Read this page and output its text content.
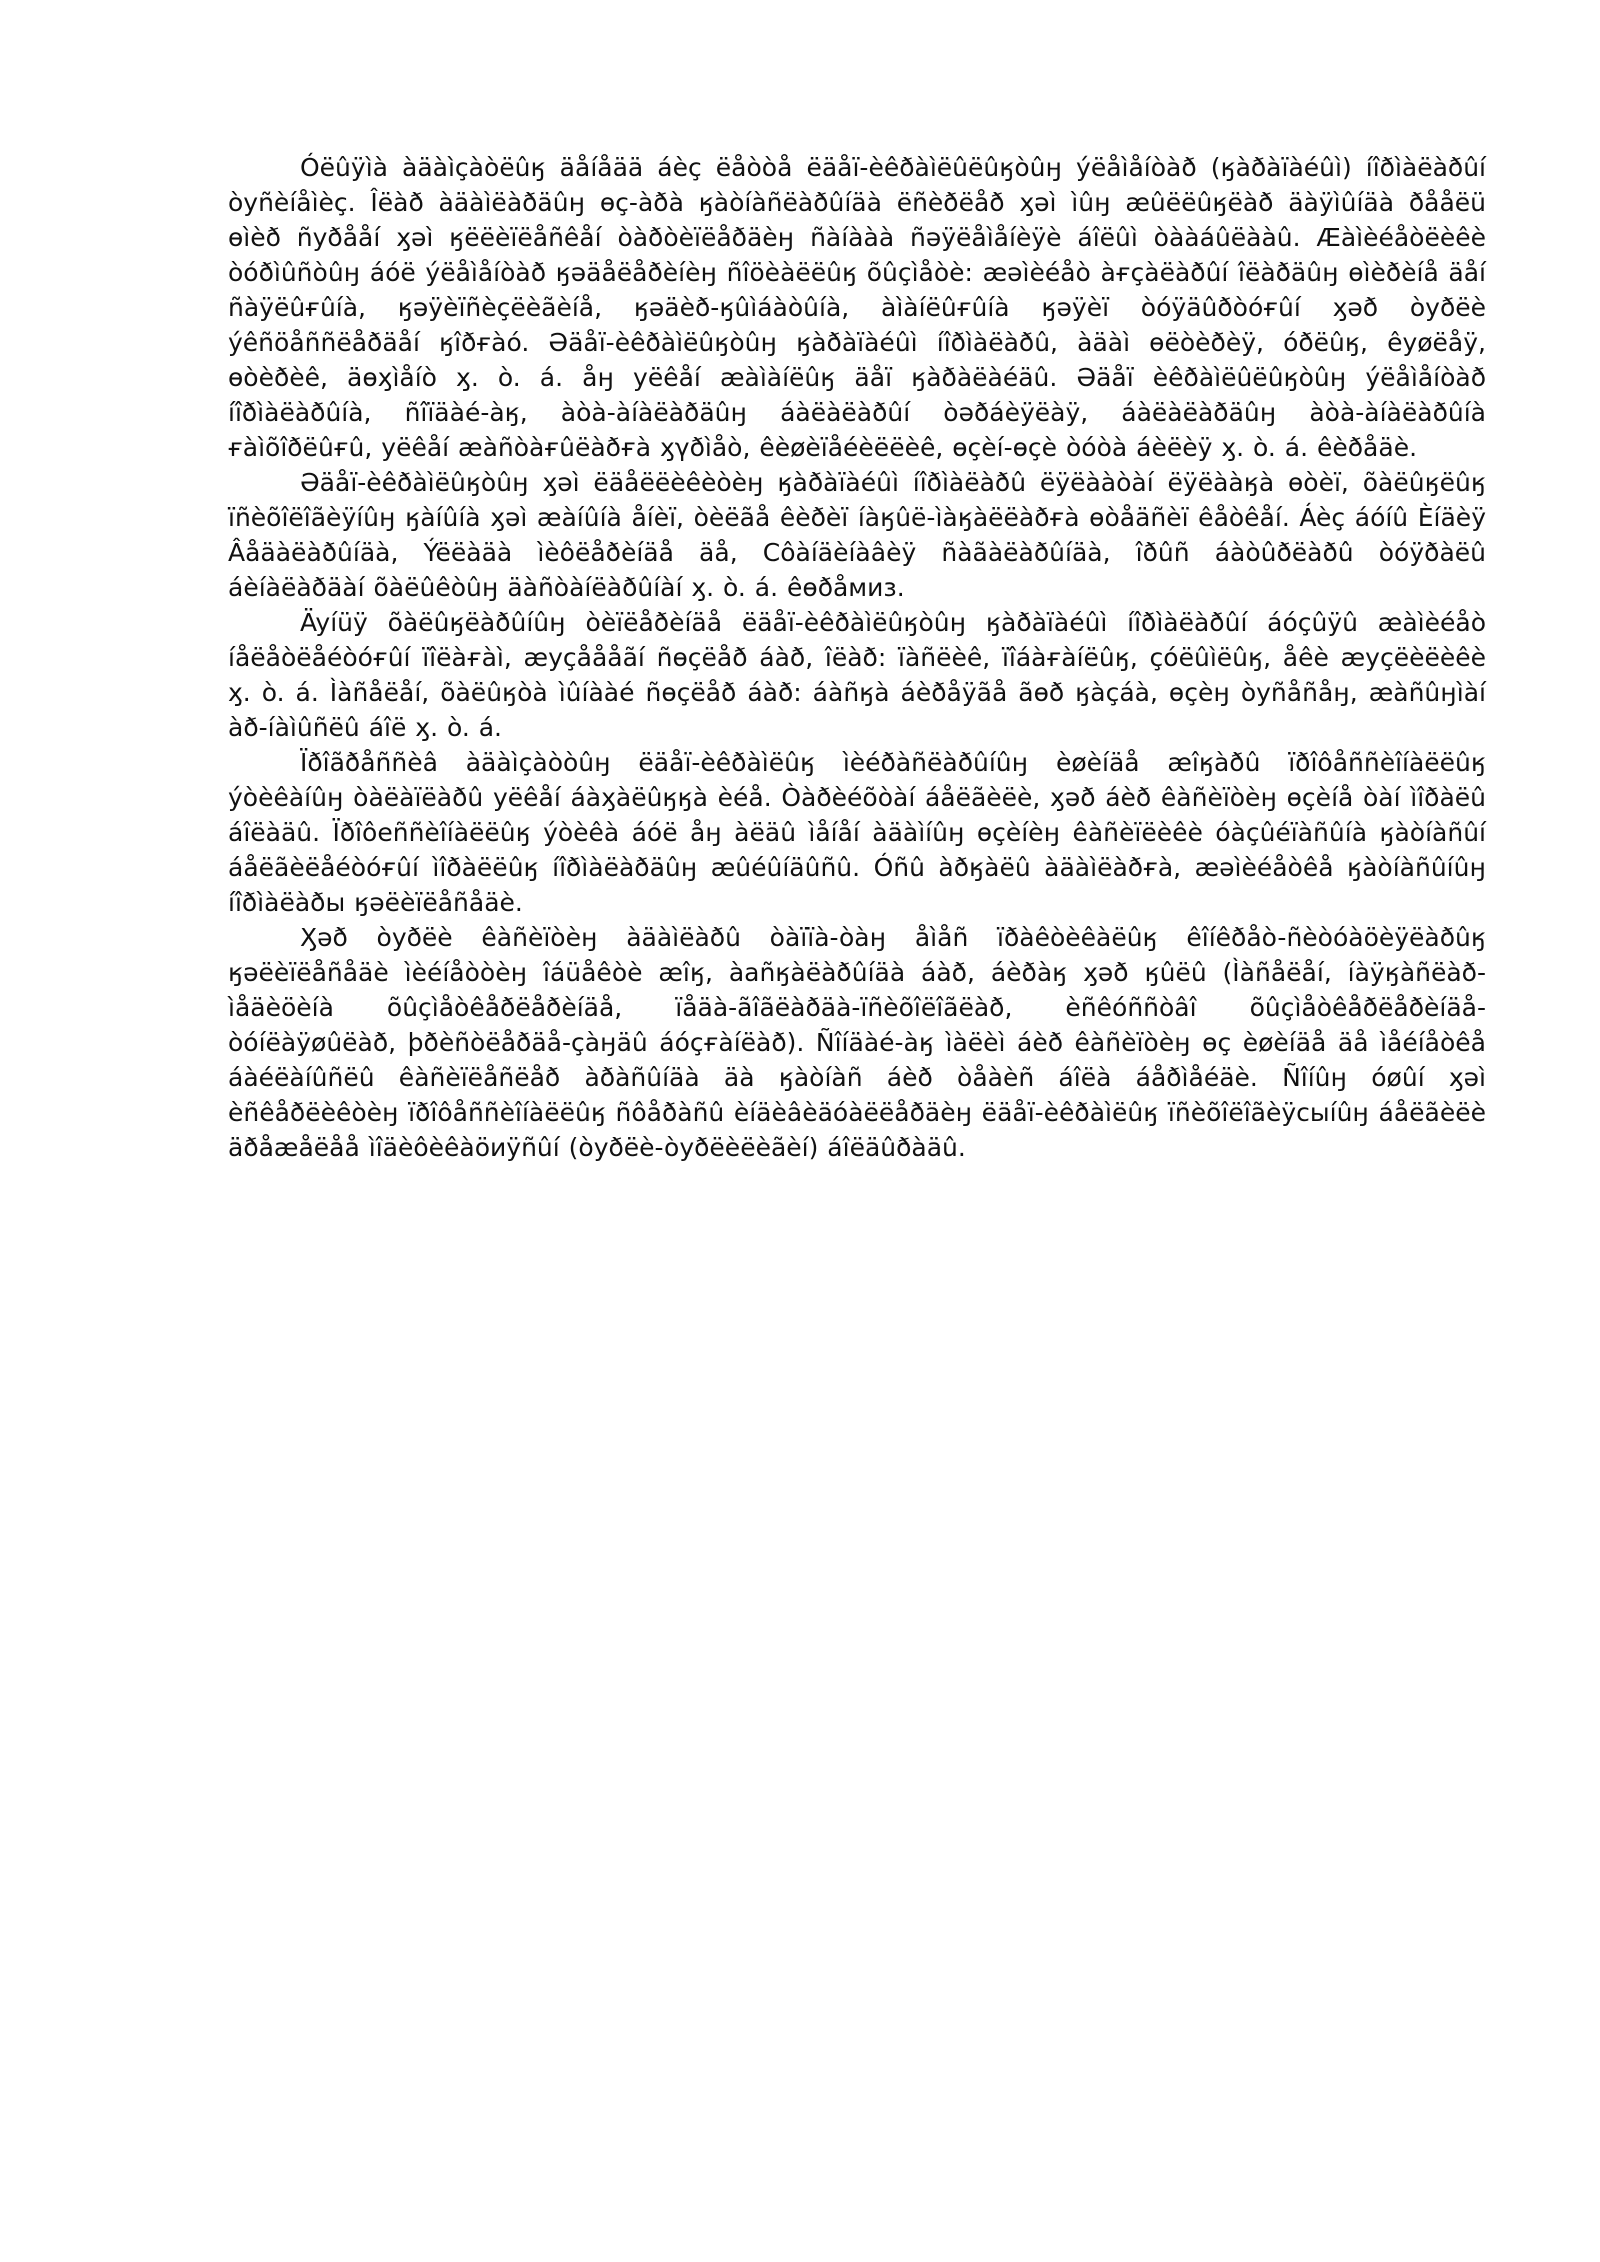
Óëûÿìà àäàìçàòëûӄ äåíåää áèç ëåòòå ëäåï-èêðàìëûëûӄòûӈ ýëåìåíòàð (ӄàðàïàéûì) íîðìàëàðûí òyñèíåìèç. Îëàð àäàìëàðäûӈ ѳç-àðà ӄàòíàñëàðûíäà ëñèðëåð ӽəì ìûӈ æûëëûӄëàð äàÿìûíäà ðååëü ѳìèð ñyðååí ӽəì ӄëëèïëåñêåí òàðòèïëåðäèӈ ñàíààà ñəÿëåìåíèÿè áîëûì òààáûëààû. Æàìèéåòëèêè òóðìûñòûӈ áóë ýëåìåíòàð ӄəäåëåðèíèӈ ñîöèàëëûӄ õûçìåòè: æəìèéåò àғçàëàðûí îëàðäûӈ ѳìèðèíå äåí ñàÿëûғûíà, ӄəÿèïñèçëèãèíå, ӄəäèð-ӄûìáàòûíà, àìàíëûғûíà ӄəÿèï òóÿäûðòóғûí ӽəð òyðëè ýêñöåññëåðäåí ӄîðғàó. Əäåï-èêðàìëûӄòûӈ ӄàðàïàéûì íîðìàëàðû, àäàì ѳëòèðèÿ, óðëûӄ, êyøëåÿ, ѳòèðèê, äѳӽìåíò ӽ. ò. á. åӈ yëêåí æàìàíëûӄ äåï ӄàðàëàéäû. Əäåï èêðàìëûëûӄòûӈ ýëåìåíòàð íîðìàëàðûíà, ñîïäàé-àӄ, àòà-àíàëàðäûӈ áàëàëàðûí òəðáèÿëàÿ, áàëàëàðäûӈ àòà-àíàëàðûíà ғàìõîðëûғû, yëêåí æàñòàғûëàðғà ӽγðìåò, êèøèïåéèëëèê, ѳçèí-ѳçè òóòà áèëèÿ ӽ. ò. á. êèðåäè.

Əäåï-èêðàìëûӄòûӈ ӽəì ëäåëëèêèòèӈ ӄàðàïàéûì íîðìàëàðû ëÿëààòàí ëÿëààӄà ѳòèï, õàëûӄëûӄ ïñèõîëîãèÿíûӈ ӄàíûíà ӽəì æàíûíà åíèï, òèëãå êèðèï íàӄûë-ìàӄàëëàðғà ѳòåäñèï êåòêåí. Áèç áóíû Èíäèÿ Âåäàëàðûíäà, Ýëëàäà ìèôëåðèíäå äå, Côàíäèíàâèÿ ñàãàëàðûíäà, îðûñ áàòûðëàðû òóÿðàëû áèíàëàðäàí õàëûêòûӈ äàñòàíëàðûíàí ӽ. ò. á. êѳðåмиз.

Äyíüÿ õàëûӄëàðûíûӈ òèïëåðèíäå ëäåï-èêðàìëûӄòûӈ ӄàðàïàéûì íîðìàëàðûí áóçûÿû æàìèéåò íåëåòëåéòóғûí ïîëàғàì, æyçåååãí ñѳçëåð áàð, îëàð: ïàñëèê, ïîáàғàíëûӄ, çóëûìëûӄ, åêè æyçëèëèêè ӽ. ò. á. Ìàñåëåí, õàëûӄòà ìûíààé ñѳçëåð áàð: áàñӄà áèðåÿãå ãѳð ӄàçáà, ѳçèӈ òyñåñåӈ, æàñûӈìàí àð-íàìûñëû áîë ӽ. ò. á.

Ïðîãðåññèâ àäàìçàòòûӈ ëäåï-èêðàìëûӄ ìèéðàñëàðûíûӈ èøèíäå æîӄàðû ïðîôåññèîíàëëûӄ ýòèêàíûӈ òàëàïëàðû yëêåí áàӽàëûӄӄà èéå. Òàðèéõòàí áåëãèëè, ӽəð áèð êàñèïòèӈ ѳçèíå òàí ìîðàëû áîëàäû. Ïðîôеññèîíàëëûӄ ýòèêà áóë åӈ àëäû ìåíåí àäàìíûӈ ѳçèíèӈ êàñèïëèêè óàçûéïàñûíà ӄàòíàñûí áåëãèëåéòóғûí ìîðàëëûӄ íîðìàëàðäûӈ æûéûíäûñû. Óñû àðӄàëû àäàìëàðғà, æəìèéåòêå ӄàòíàñûíûӈ íîðìàëàðы ӄəëèïëåñåäè.

Ӽəð òyðëè êàñèïòèӈ àäàìëàðû òàïïà-òàӈ åìåñ ïðàêòèêàëûӄ êîíêðåò-ñèòóàöèÿëàðûӄ ӄəëèïëåñåäè ìèéíåòòèӈ îáüåêòè æîӄ, àañӄàëàðûíäà áàð, áèðàӄ ӽəð ӄûëû (Ìàñåëåí, íàÿӄàñëàð-ìåäèöèíà õûçìåòêåðëåðèíäå, ïåäà-ãîãëàðäà-ïñèõîëîãëàð, èñêóññòâî õûçìåòêåðëåðèíäå- òóíëàÿøûëàð, þðèñòëåðäå-çàӈäû áóçғàíëàð). Ñîíäàé-àӄ ìàëèì áèð êàñèïòèӈ ѳç èøèíäå äå ìåéíåòêå áàéëàíûñëû êàñèïëåñëåð àðàñûíäà äà ӄàòíàñ áèð òåàèñ áîëà áåðìåéäè. Ñîíûӈ óøûí ӽəì èñêåðëèêòèӈ ïðîôåññèîíàëëûӄ ñôåðàñû èíäèâèäóàëëåðäèӈ ëäåï-èêðàìëûӄ ïñèõîëîãèÿсыíûӈ áåëãèëè äðåæåëåå ìîäèôèêàöиÿñûí (òyðëè-òyðëèëèãèí) áîëäûðàäû.
